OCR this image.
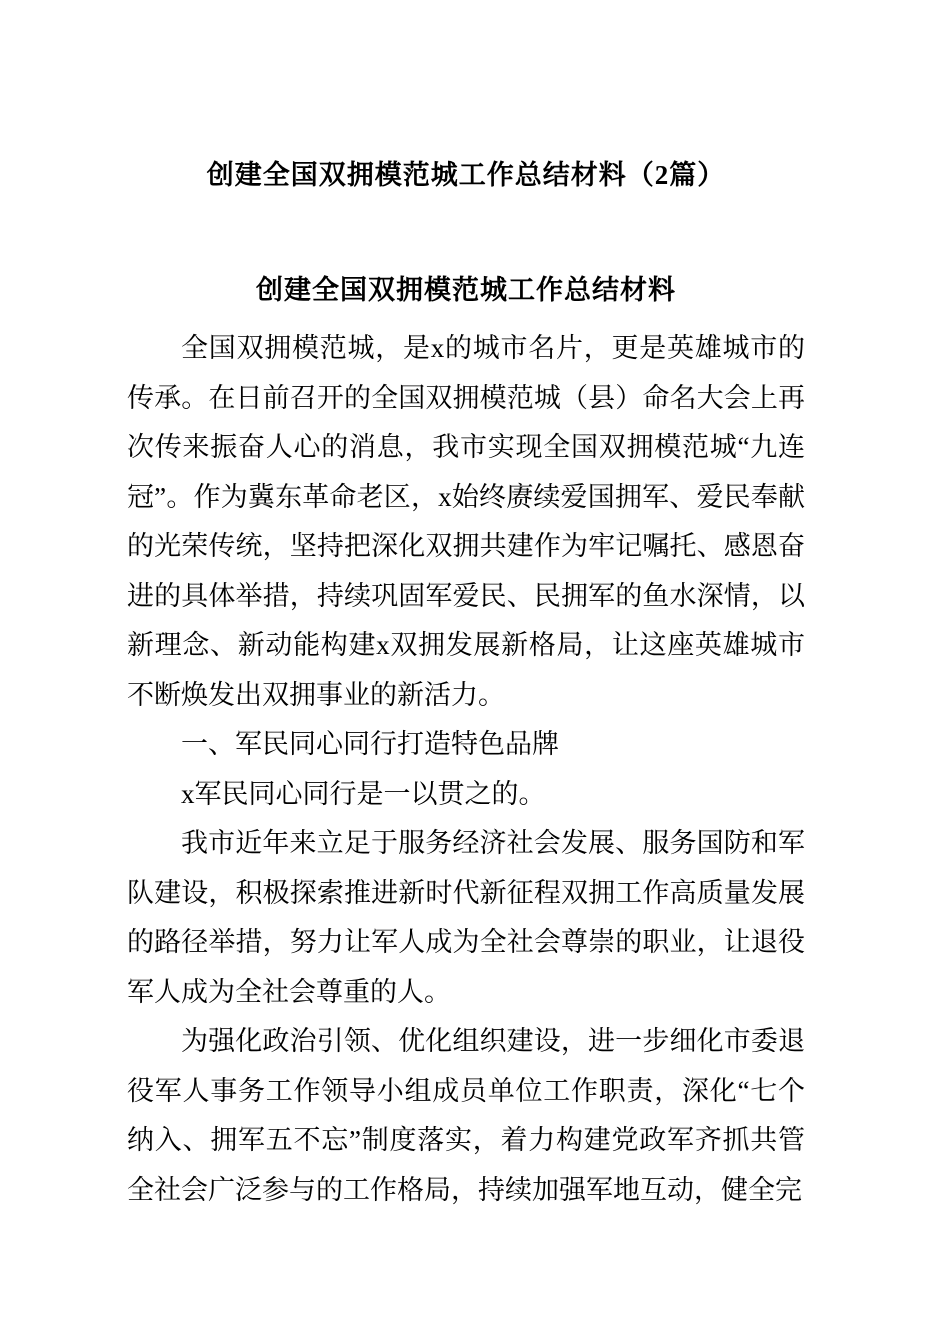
创建全国双拥模范城工作总结材料（2篇）
创建全国双拥模范城工作总结材料

全国双拥模范城，是x的城市名片，更是英雄城市的传承。在日前召开的全国双拥模范城（县）命名大会上再次传来振奋人心的消息，我市实现全国双拥模范城“九连冠”。作为冀东革命老区，x始终赓续爱国拥军、爱民奉献的光荣传统，坚持把深化双拥共建作为牢记嘱托、感恩奋进的具体举措，持续巩固军爱民、民拥军的鱼水深情，以新理念、新动能构建x双拥发展新格局，让这座英雄城市不断焕发出双拥事业的新活力。

一、军民同心同行打造特色品牌

x军民同心同行是一以贯之的。

我市近年来立足于服务经济社会发展、服务国防和军队建设，积极探索推进新时代新征程双拥工作高质量发展的路径举措，努力让军人成为全社会尊崇的职业，让退役军人成为全社会尊重的人。

为强化政治引领、优化组织建设，进一步细化市委退役军人事务工作领导小组成员单位工作职责，深化“七个纳入、拥军五不忘”制度落实，着力构建党政军齐抓共管全社会广泛参与的工作格局，持续加强军地互动，健全完
